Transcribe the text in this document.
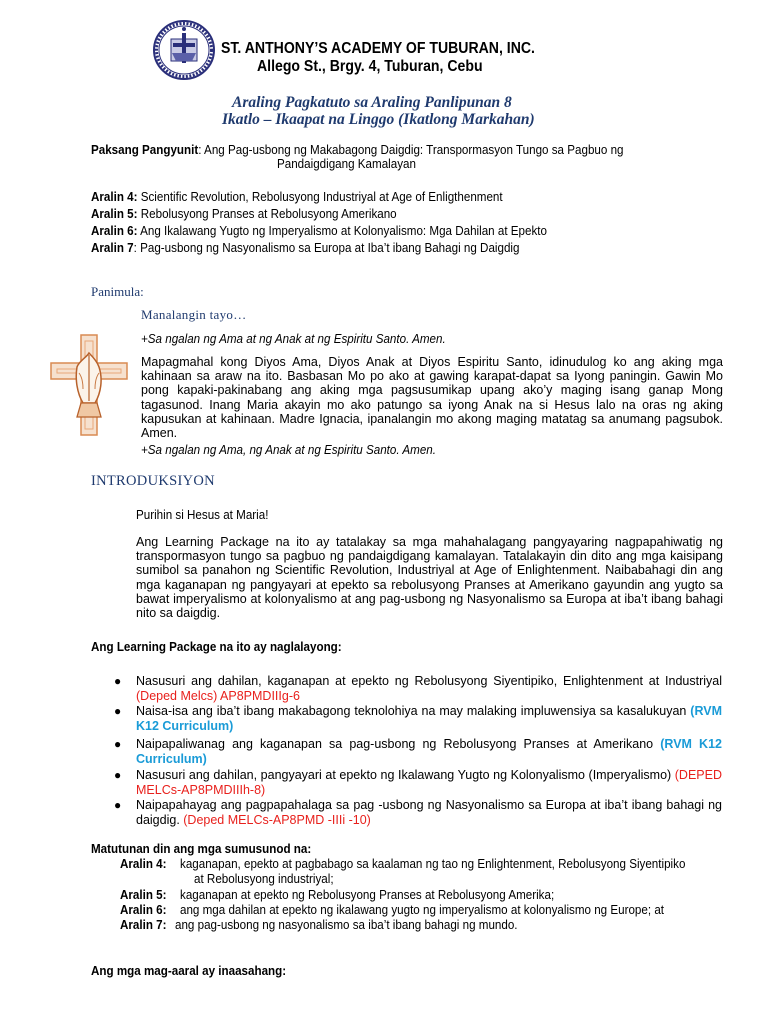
ST. ANTHONY’S ACADEMY OF TUBURAN, INC.
Allego St., Brgy. 4, Tuburan, Cebu
Araling Pagkatuto sa Araling Panlipunan 8
Ikatlo – Ikaapat na Linggo (Ikatlong Markahan)
Paksang Pangyunit: Ang Pag-usbong ng Makabagong Daigdig: Transpormasyon Tungo sa Pagbuo ng
Pandaigdigang Kamalayan
Aralin 4: Scientific Revolution, Rebolusyong Industriyal at Age of Enligthenment
Aralin 5: Rebolusyong Pranses at Rebolusyong Amerikano
Aralin 6: Ang Ikalawang Yugto ng Imperyalismo at Kolonyalismo: Mga Dahilan at Epekto
Aralin 7: Pag-usbong ng Nasyonalismo sa Europa at Iba’t ibang Bahagi ng Daigdig
Panimula:
Manalangin tayo…
+Sa ngalan ng Ama at ng Anak at ng Espiritu Santo. Amen.
Mapagmahal kong Diyos Ama, Diyos Anak at Diyos Espiritu Santo, idinudulog ko ang aking mga kahinaan sa araw na ito. Basbasan Mo po ako at gawing karapat-dapat sa Iyong paningin. Gawin Mo pong kapaki-pakinabang ang aking mga pagsusumikap upang ako’y maging isang ganap Mong tagasunod. Inang Maria akayin mo ako patungo sa iyong Anak na si Hesus lalo na oras ng aking kapusukan at kahinaan. Madre Ignacia, ipanalangin mo akong maging matatag sa anumang pagsubok. Amen.
+Sa ngalan ng Ama, ng Anak at ng Espiritu Santo. Amen.
INTRODUKSIYON
Purihin si Hesus at Maria!
Ang Learning Package na ito ay tatalakay sa mga mahahalagang pangyayaring nagpapahiwatig ng transpormasyon tungo sa pagbuo ng pandaigdigang kamalayan. Tatalakayin din dito ang mga kaisipang sumibol sa panahon ng Scientific Revolution, Industriyal at Age of Enlightenment. Naibabahagi din ang mga kaganapan ng pangyayari at epekto sa rebolusyong Pranses at Amerikano gayundin ang yugto sa bawat imperyalismo at kolonyalismo at ang pag-usbong ng Nasyonalismo sa Europa at iba’t ibang bahagi nito sa daigdig.
Ang Learning Package na ito ay naglalayong:
● Nasusuri ang dahilan, kaganapan at epekto ng Rebolusyong Siyentipiko, Enlightenment at Industriyal (Deped Melcs) AP8PMDIIIg-6
● Naisa-isa ang iba’t ibang makabagong teknolohiya na may malaking impluwensiya sa kasalukuyan (RVM K12 Curriculum)
● Naipapaliwanag ang kaganapan sa pag-usbong ng Rebolusyong Pranses at Amerikano (RVM K12 Curriculum)
● Nasusuri ang dahilan, pangyayari at epekto ng Ikalawang Yugto ng Kolonyalismo (Imperyalismo) (DEPED MELCs-AP8PMDIIIh-8)
● Naipapahayag ang pagpapahalaga sa pag -usbong ng Nasyonalismo sa Europa at iba’t ibang bahagi ng daigdig. (Deped MELCs-AP8PMD -IIIi -10)
Matutunan din ang mga sumusunod na:
Aralin 4: kaganapan, epekto at pagbabago sa kaalaman ng tao ng Enlightenment, Rebolusyong Siyentipiko
at Rebolusyong industriyal;
Aralin 5: kaganapan at epekto ng Rebolusyong Pranses at Rebolusyong Amerika;
Aralin 6: ang mga dahilan at epekto ng ikalawang yugto ng imperyalismo at kolonyalismo ng Europe; at
Aralin 7: ang pag-usbong ng nasyonalismo sa iba’t ibang bahagi ng mundo.
Ang mga mag-aaral ay inaasahang:
